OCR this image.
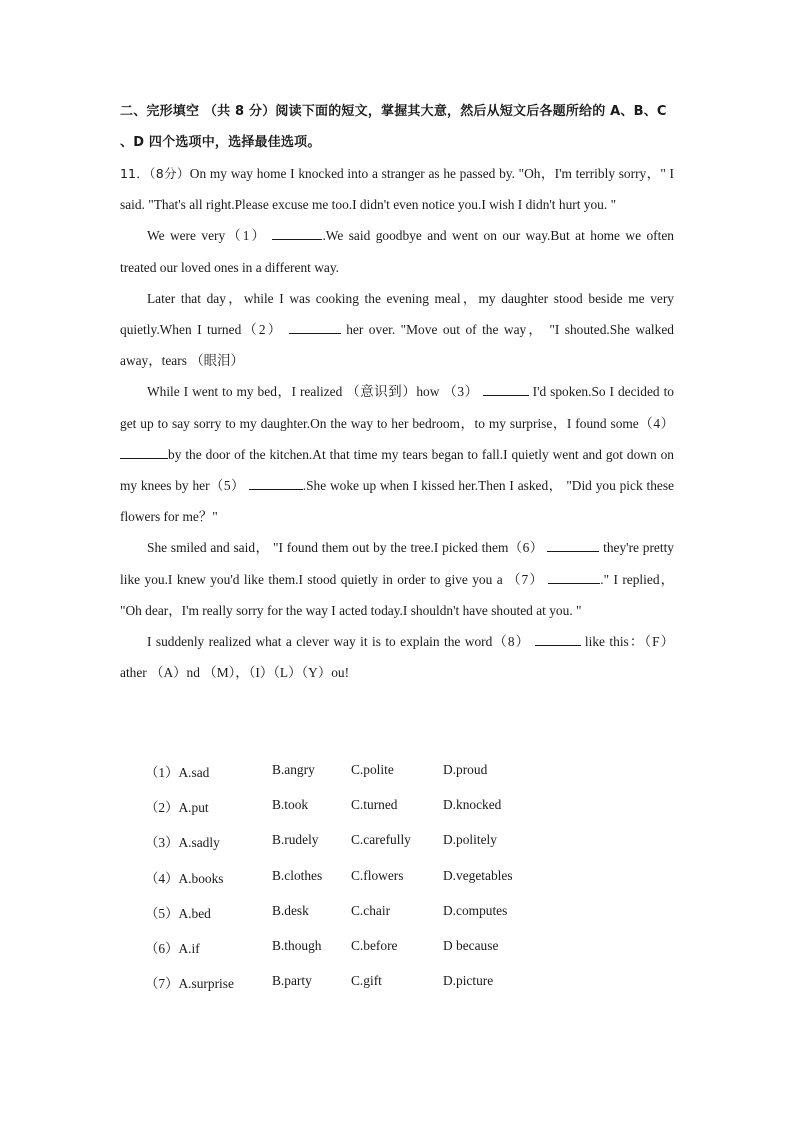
二、完形填空 （共 8 分）阅读下面的短文，掌握其大意，然后从短文后各题所给的 A、B、C
、D 四个选项中，选择最佳选项。

11．（8分）On my way home I knocked into a stranger as he passed by. "Oh，I'm terribly sorry，" I said. "That's all right.Please excuse me too.I didn't even notice you.I wish I didn't hurt you. "

We were very（1）	.We said goodbye and went on our way.But at home we often treated our loved ones in a different way.

Later that day，while I was cooking the evening meal，my daughter stood beside me very quietly.When I turned（2）	her over. "Move out of the way， "I shouted.She walked away，tears （眼泪）

While I went to my bed，I realized （意识到）how （3）	I'd spoken.So I decided to get up to say sorry to my daughter.On the way to her bedroom，to my surprise，I found some（4） by the door of the kitchen.At that time my tears began to fall.I quietly went and got down on my knees by her（5）	.She woke up when I kissed her.Then I asked， "Did you pick these flowers for me？"

She smiled and said， "I found them out by the tree.I picked them（6）	they're pretty like you.I knew you'd like them.I stood quietly in order to give you a （7）	." I replied， "Oh dear，I'm really sorry for the way I acted today.I shouldn't have shouted at you. "

I suddenly realized what a clever way it is to explain the word（8）	like this：（F）ather （A）nd （M），（I）（L）（Y）ou!

（1）A.sad	B.angry	C.polite	D.proud
（2）A.put	B.took	C.turned	D.knocked
（3）A.sadly	B.rudely C.carefully D.politely
（4）A.books	B.clothes C.flowers	D.vegetables
（5）A.bed	B.desk	C.chair	D.computes
（6）A.if	B.though C.before	D because
（7）A.surprise	B.party	C.gift	D.picture
